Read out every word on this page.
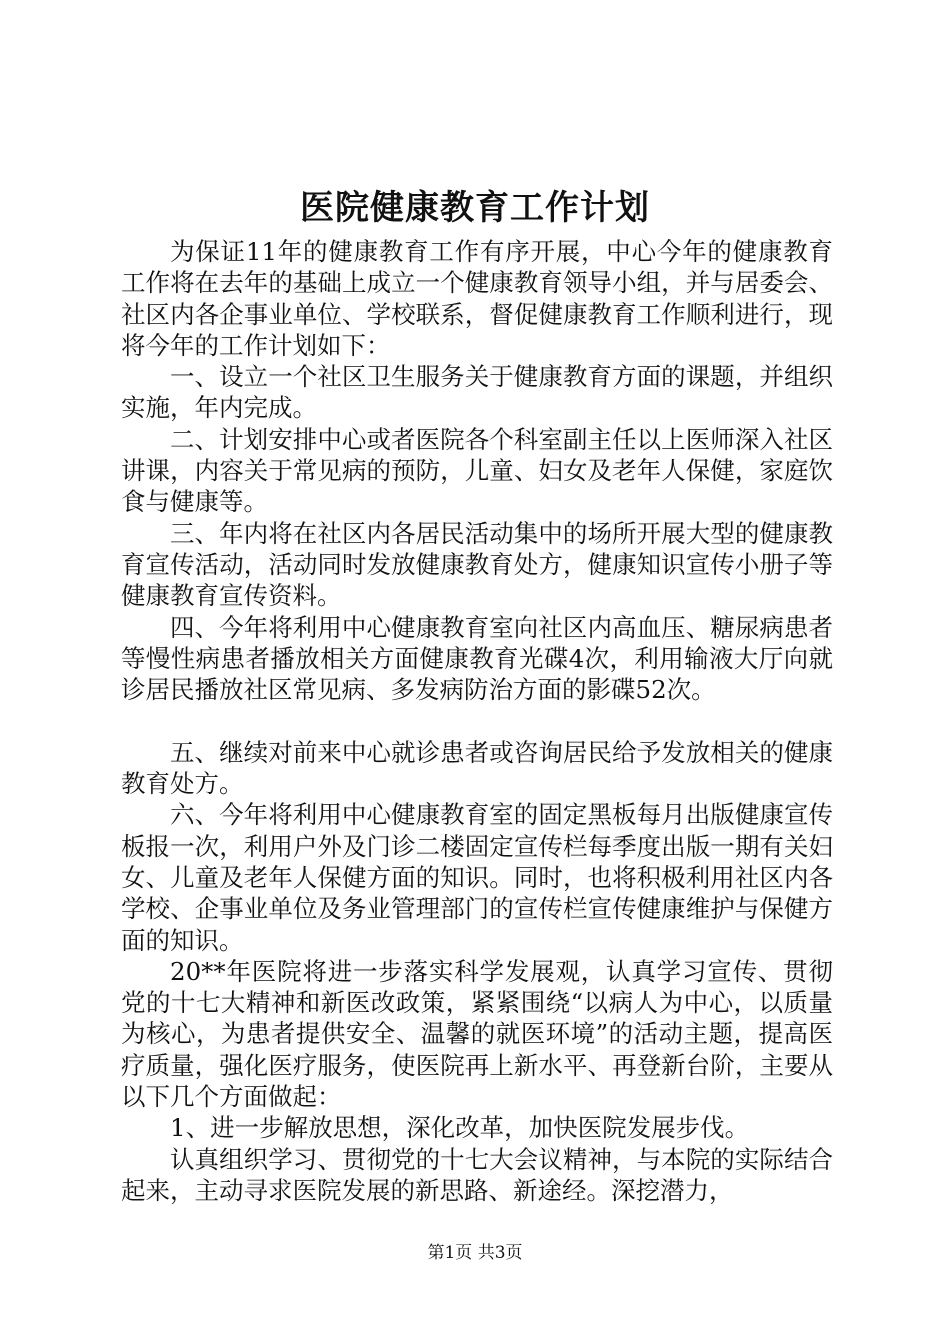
医院健康教育工作计划

为保证11年的健康教育工作有序开展，中心今年的健康教育工作将在去年的基础上成立一个健康教育领导小组，并与居委会、社区内各企事业单位、学校联系，督促健康教育工作顺利进行，现将今年的工作计划如下：

一、设立一个社区卫生服务关于健康教育方面的课题，并组织实施，年内完成。

二、计划安排中心或者医院各个科室副主任以上医师深入社区讲课，内容关于常见病的预防，儿童、妇女及老年人保健，家庭饮食与健康等。

三、年内将在社区内各居民活动集中的场所开展大型的健康教育宣传活动，活动同时发放健康教育处方，健康知识宣传小册子等健康教育宣传资料。

四、今年将利用中心健康教育室向社区内高血压、糖尿病患者等慢性病患者播放相关方面健康教育光碟4次，利用输液大厅向就诊居民播放社区常见病、多发病防治方面的影碟52次。

五、继续对前来中心就诊患者或咨询居民给予发放相关的健康教育处方。

六、今年将利用中心健康教育室的固定黑板每月出版健康宣传板报一次，利用户外及门诊二楼固定宣传栏每季度出版一期有关妇女、儿童及老年人保健方面的知识。同时，也将积极利用社区内各学校、企事业单位及务业管理部门的宣传栏宣传健康维护与保健方面的知识。

20**年医院将进一步落实科学发展观，认真学习宣传、贯彻党的十七大精神和新医改政策，紧紧围绕“以病人为中心，以质量为核心，为患者提供安全、温馨的就医环境”的活动主题，提高医疗质量，强化医疗服务，使医院再上新水平、再登新台阶，主要从以下几个方面做起：

1、进一步解放思想，深化改革，加快医院发展步伐。

认真组织学习、贯彻党的十七大会议精神，与本院的实际结合起来，主动寻求医院发展的新思路、新途经。深挖潜力，

第1页 共3页
